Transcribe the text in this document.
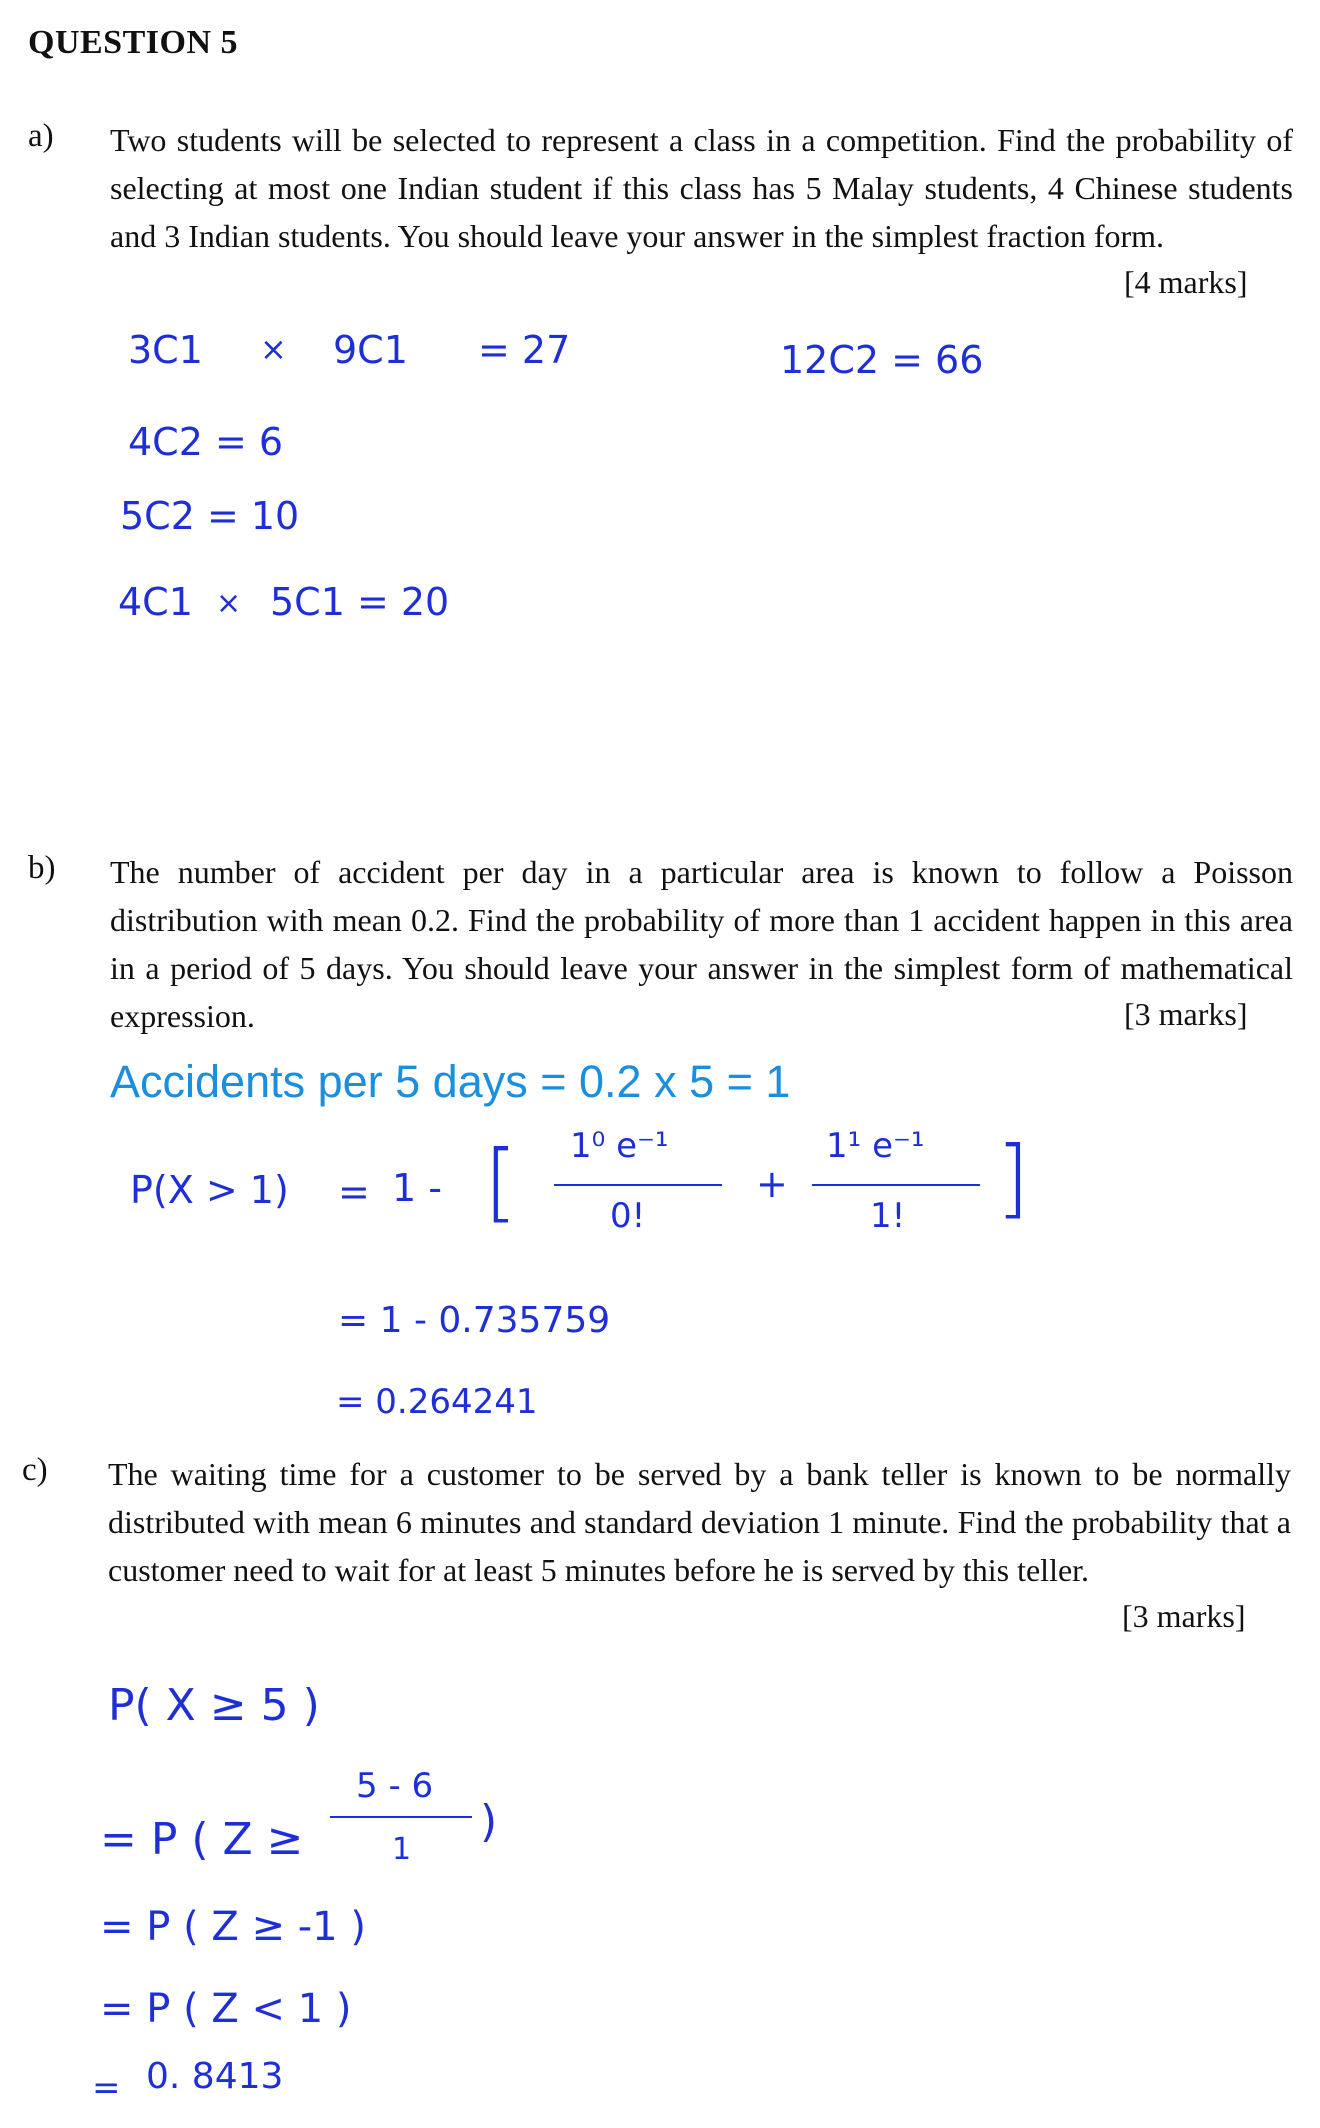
QUESTION 5
a) Two students will be selected to represent a class in a competition. Find the probability of selecting at most one Indian student if this class has 5 Malay students, 4 Chinese students and 3 Indian students. You should leave your answer in the simplest fraction form.

[4 marks]
3C1 × 9C1 = 27	12C2 = 66
4C2 = 6
5C2 = 10
4C1 × 5C1 = 20
b) The number of accident per day in a particular area is known to follow a Poisson distribution with mean 0.2. Find the probability of more than 1 accident happen in this area in a period of 5 days. You should leave your answer in the simplest form of mathematical expression.	[3 marks]
Accidents per 5 days = 0.2 x 5 = 1
P(X > 1) = 1 - [ 1⁰ e⁻¹
0!
+
1¹ e⁻¹
1! ]
= 1 - 0.735759
= 0.264241
c) The waiting time for a customer to be served by a bank teller is known to be normally distributed with mean 6 minutes and standard deviation 1 minute. Find the probability that a customer need to wait for at least 5 minutes before he is served by this teller.

[3 marks]
P( X ≥ 5 )
= P ( Z ≥
5 - 6
1
)
= P ( Z ≥ -1 )
= P ( Z < 1 )
= 0. 8413
